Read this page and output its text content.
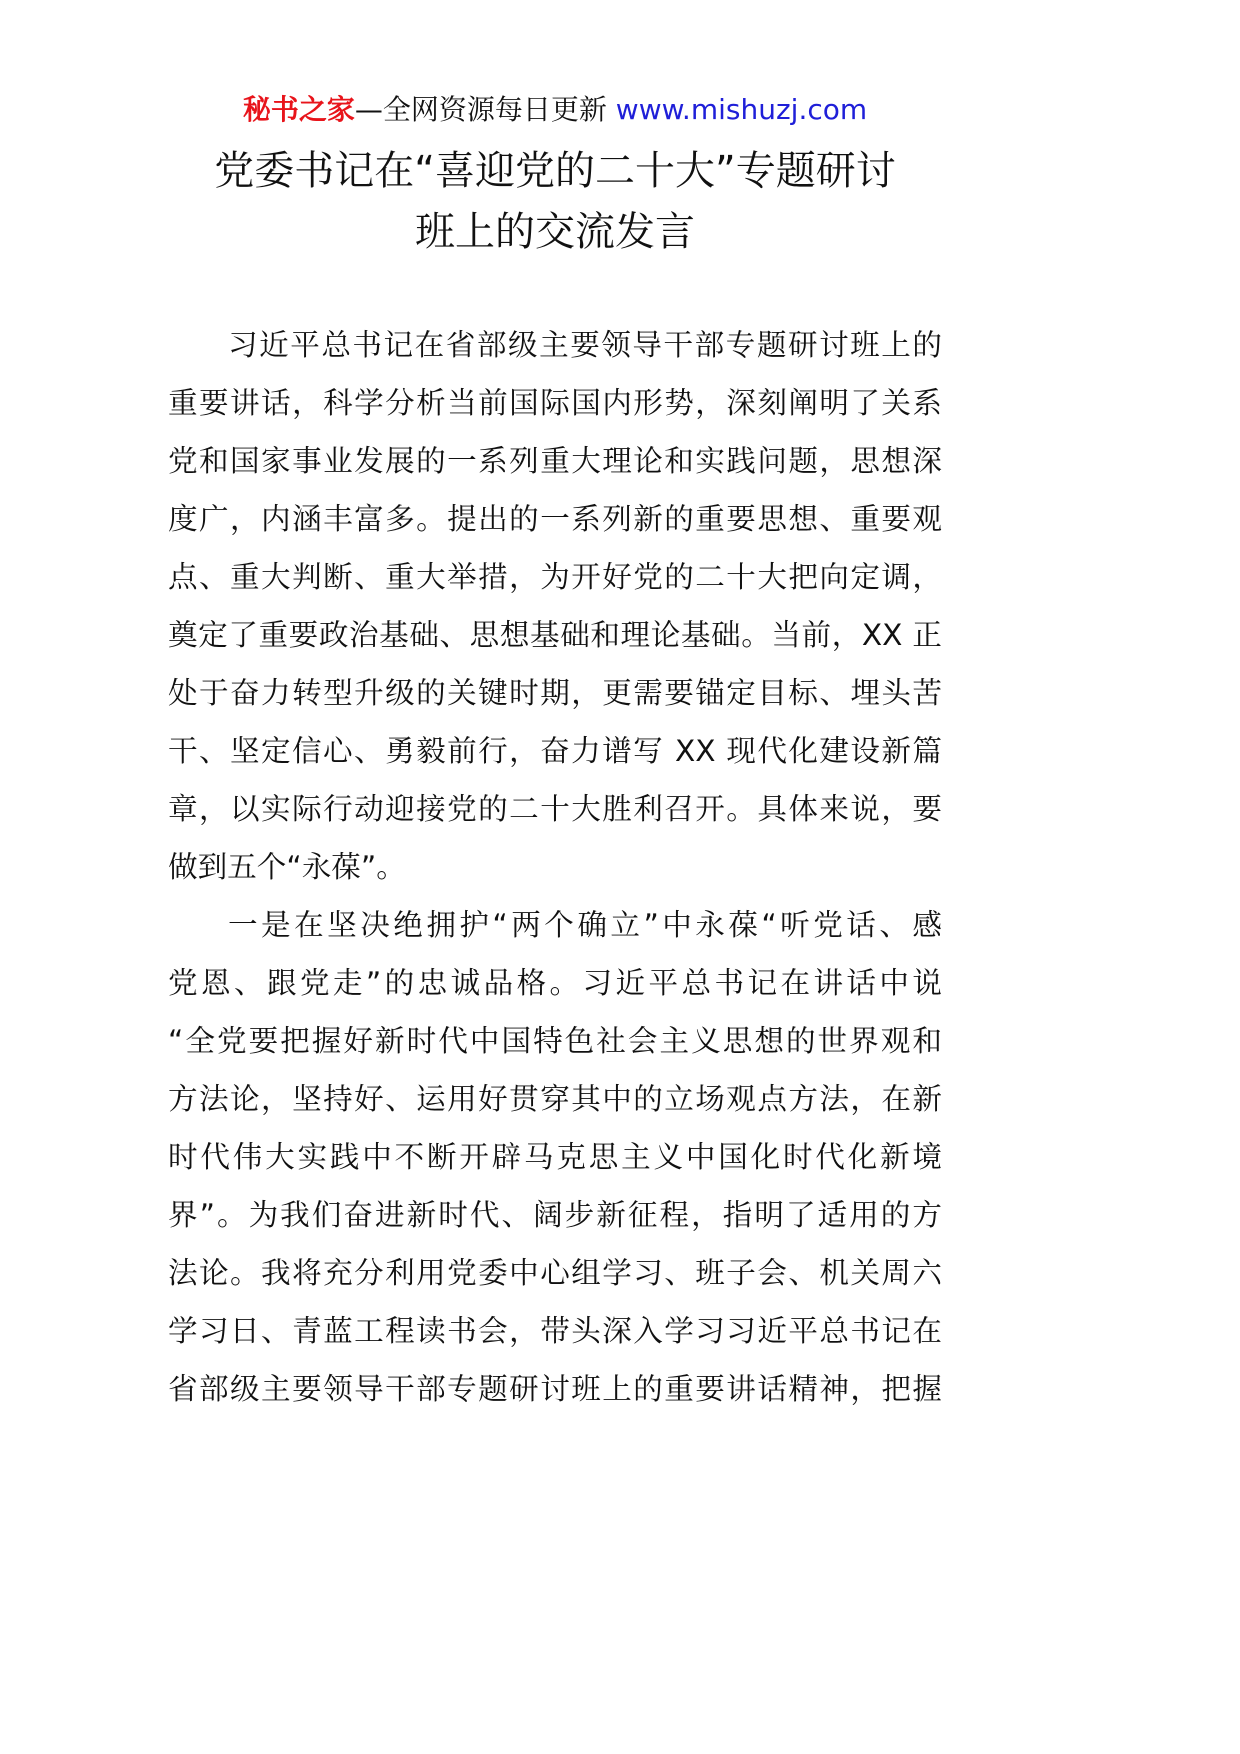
秘书之家—全网资源每日更新 www.mishuzj.com
党委书记在“喜迎党的二十大”专题研讨
班上的交流发言
习近平总书记在省部级主要领导干部专题研讨班上的
重要讲话，科学分析当前国际国内形势，深刻阐明了关系
党和国家事业发展的一系列重大理论和实践问题，思想深
度广，内涵丰富多。提出的一系列新的重要思想、重要观
点、重大判断、重大举措，为开好党的二十大把向定调，
奠定了重要政治基础、思想基础和理论基础。当前，XX 正
处于奋力转型升级的关键时期，更需要锚定目标、埋头苦
干、坚定信心、勇毅前行，奋力谱写 XX 现代化建设新篇
章，以实际行动迎接党的二十大胜利召开。具体来说，要
做到五个“永葆”。
一是在坚决绝拥护“两个确立”中永葆“听党话、感
党恩、跟党走”的忠诚品格。习近平总书记在讲话中说
“全党要把握好新时代中国特色社会主义思想的世界观和
方法论，坚持好、运用好贯穿其中的立场观点方法，在新
时代伟大实践中不断开辟马克思主义中国化时代化新境
界”。为我们奋进新时代、阔步新征程，指明了适用的方
法论。我将充分利用党委中心组学习、班子会、机关周六
学习日、青蓝工程读书会，带头深入学习习近平总书记在
省部级主要领导干部专题研讨班上的重要讲话精神，把握
